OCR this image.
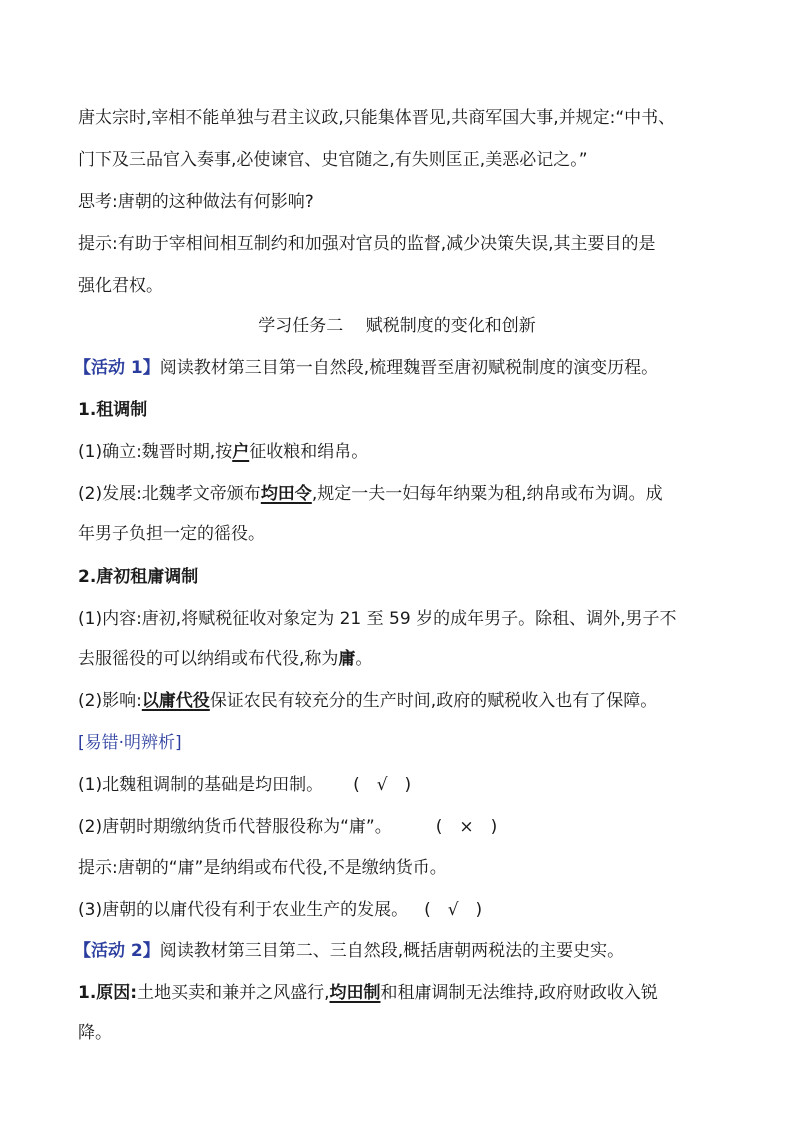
唐太宗时,宰相不能单独与君主议政,只能集体晋见,共商军国大事,并规定:“中书、
门下及三品官入奏事,必使谏官、史官随之,有失则匡正,美恶必记之。”
思考:唐朝的这种做法有何影响?
提示:有助于宰相间相互制约和加强对官员的监督,减少决策失误,其主要目的是
强化君权。
学习任务二　 赋税制度的变化和创新
【活动 1】阅读教材第三目第一自然段,梳理魏晋至唐初赋税制度的演变历程。
1.租调制
(1)确立:魏晋时期,按户征收粮和绢帛。
(2)发展:北魏孝文帝颁布均田令,规定一夫一妇每年纳粟为租,纳帛或布为调。成
年男子负担一定的徭役。
2.唐初租庸调制
(1)内容:唐初,将赋税征收对象定为 21 至 59 岁的成年男子。除租、调外,男子不
去服徭役的可以纳绢或布代役,称为庸。
(2)影响:以庸代役保证农民有较充分的生产时间,政府的赋税收入也有了保障。
[易错·明辨析]
(1)北魏租调制的基础是均田制。 (　√　)
(2)唐朝时期缴纳货币代替服役称为“庸”。	(　×　)
提示:唐朝的“庸”是纳绢或布代役,不是缴纳货币。
(3)唐朝的以庸代役有利于农业生产的发展。 (　√　)
【活动 2】阅读教材第三目第二、三自然段,概括唐朝两税法的主要史实。
1.原因:土地买卖和兼并之风盛行,均田制和租庸调制无法维持,政府财政收入锐
降。
